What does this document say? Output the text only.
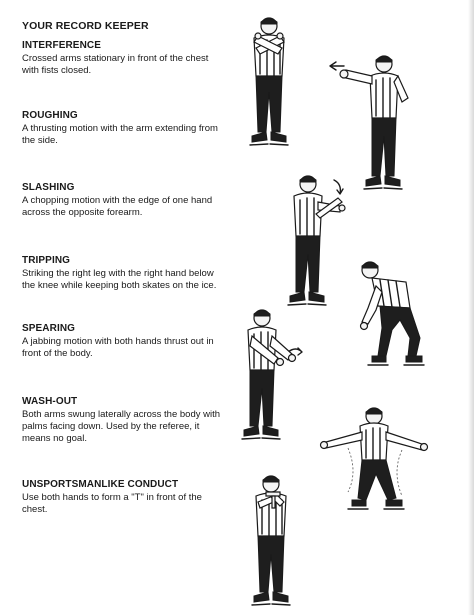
YOUR RECORD KEEPER
INTERFERENCE
Crossed arms stationary in front of the chest with fists closed.
ROUGHING
A thrusting motion with the arm extending from the side.
SLASHING
A chopping motion with the edge of one hand across the opposite forearm.
TRIPPING
Striking the right leg with the right hand below the knee while keeping both skates on the ice.
SPEARING
A jabbing motion with both hands thrust out in front of the body.
WASH-OUT
Both arms swung laterally across the body with palms facing down. Used by the referee, it means no goal.
UNSPORTSMANLIKE CONDUCT
Use both hands to form a "T" in front of the chest.
